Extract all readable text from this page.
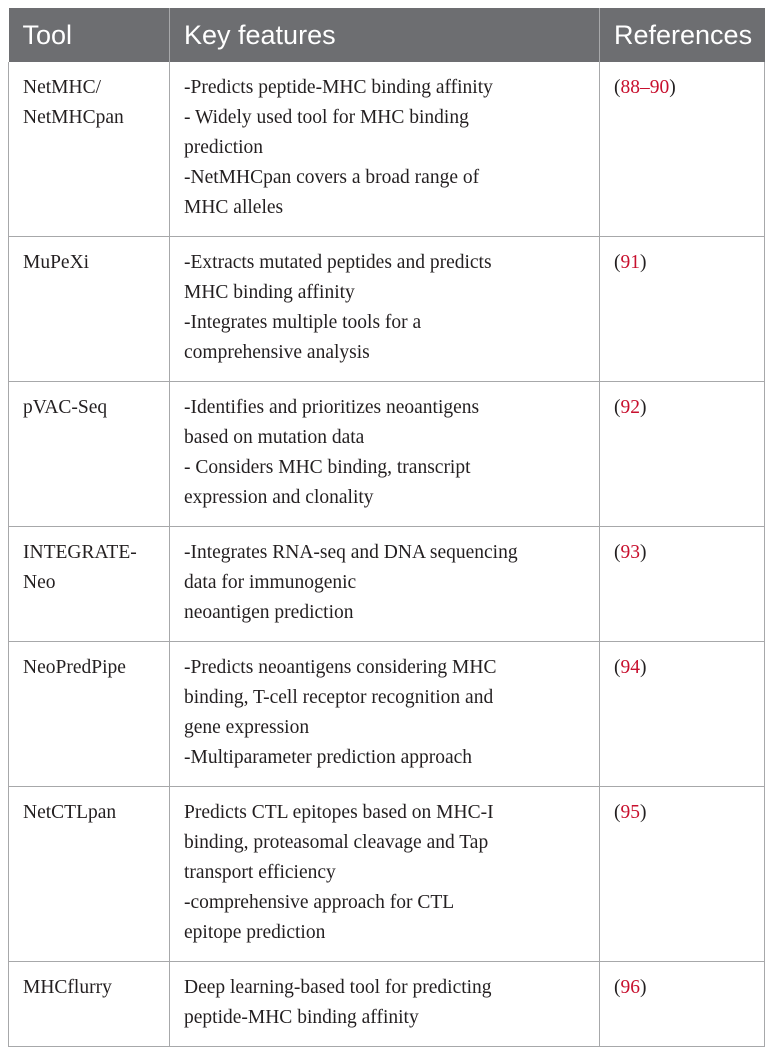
Tool	Key features	References

NetMHC/
NetMHCpan	-Predicts peptide-MHC binding affinity
- Widely used tool for MHC binding
prediction
-NetMHCpan covers a broad range of
MHC alleles	(88–90)

MuPeXi	-Extracts mutated peptides and predicts
MHC binding affinity
-Integrates multiple tools for a
comprehensive analysis	(91)

pVAC-Seq	-Identifies and prioritizes neoantigens
based on mutation data
- Considers MHC binding, transcript
expression and clonality	(92)

INTEGRATE-
Neo	-Integrates RNA-seq and DNA sequencing
data for immunogenic
neoantigen prediction	(93)

NeoPredPipe	-Predicts neoantigens considering MHC
binding, T-cell receptor recognition and
gene expression
-Multiparameter prediction approach	(94)

NetCTLpan	Predicts CTL epitopes based on MHC-I
binding, proteasomal cleavage and Tap
transport efficiency
-comprehensive approach for CTL
epitope prediction	(95)

MHCflurry	Deep learning-based tool for predicting
peptide-MHC binding affinity	(96)
